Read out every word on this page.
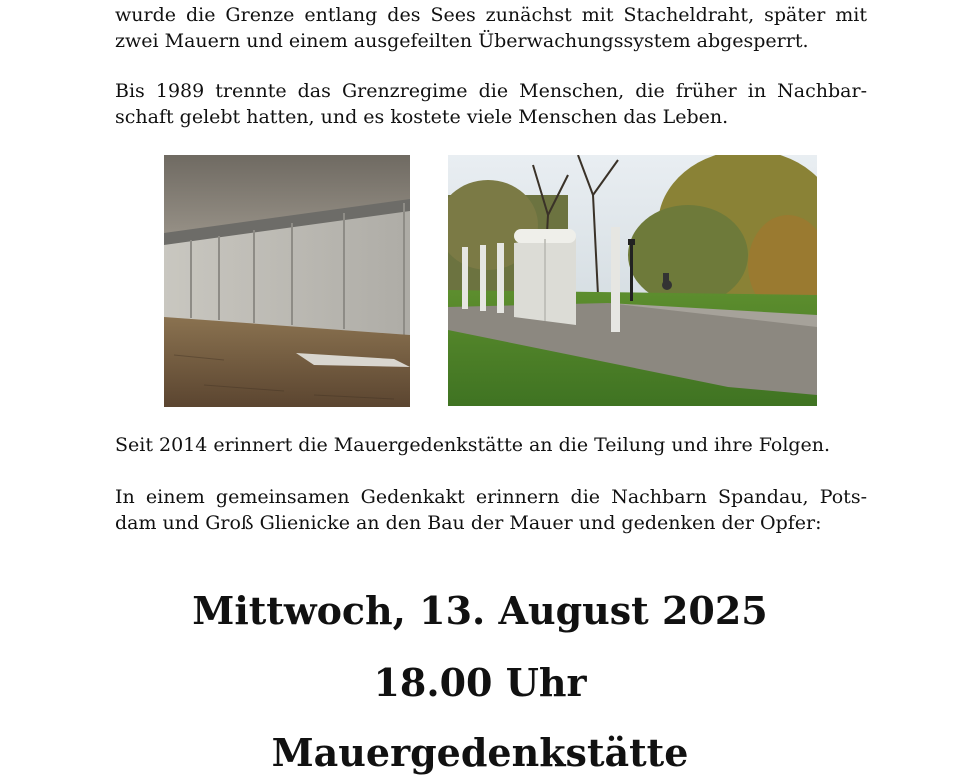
wurde die Grenze entlang des Sees zunächst mit Stacheldraht, später mit
zwei Mauern und einem ausgefeilten Überwachungssystem abgesperrt.

Bis 1989 trennte das Grenzregime die Menschen, die früher in Nachbar-
schaft gelebt hatten, und es kostete viele Menschen das Leben.

Seit 2014 erinnert die Mauergedenkstätte an die Teilung und ihre Folgen.

In einem gemeinsamen Gedenkakt erinnern die Nachbarn Spandau, Pots-
dam und Groß Glienicke an den Bau der Mauer und gedenken der Opfer:

Mittwoch, 13. August 2025

18.00 Uhr

Mauergedenkstätte
